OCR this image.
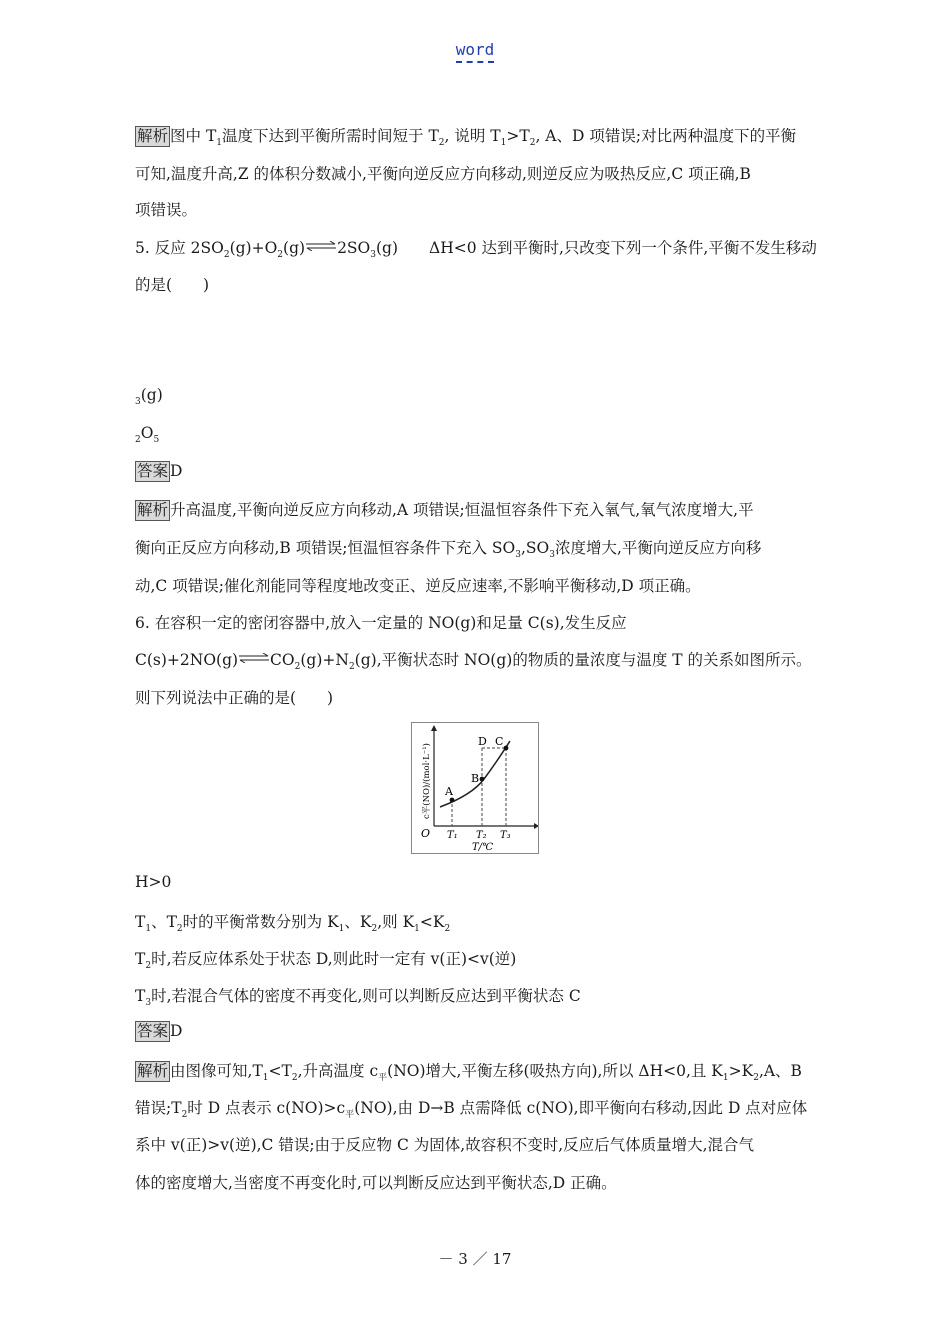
word
解析 图中 $T_1$温度下达到平衡所需时间短于 $T_2$, 说明 $T_1>T_2$, A、D 项错误;对比两种温度下的平衡
可知,温度升高,Z 的体积分数减小,平衡向逆反应方向移动,则逆反应为吸热反应,C 项正确,B
项错误。
5. 反应 $2SO_2(g)+O_2(g)\rightleftharpoons 2SO_3(g)$　　ΔH<0 达到平衡时,只改变下列一个条件,平衡不发生移动
的是(　　)
$_3$(g)
$_2O_5$
答案 D
解析 升高温度,平衡向逆反应方向移动,A 项错误;恒温恒容条件下充入氧气,氧气浓度增大,平
衡向正反应方向移动,B 项错误;恒温恒容条件下充入 $SO_3,SO_3$浓度增大,平衡向逆反应方向移
动,C 项错误;催化剂能同等程度地改变正、逆反应速率,不影响平衡移动,D 项正确。
6. 在容积一定的密闭容器中,放入一定量的 NO(g)和足量 C(s),发生反应
$C(s)+2NO(g)\rightleftharpoons CO_2(g)+N_2(g)$,平衡状态时 NO(g)的物质的量浓度与温度 T 的关系如图所示。
则下列说法中正确的是(　　)
A
B
D C
O T₁ T₂ T₃
T/℃
c平(NO)/(mol·L⁻¹)
H>0
$T_1$、$T_2$时的平衡常数分别为 $K_1$、$K_2$,则 $K_1<K_2$
$T_2$时,若反应体系处于状态 D,则此时一定有 v(正)<v(逆)
$T_3$时,若混合气体的密度不再变化,则可以判断反应达到平衡状态 C
答案 D
解析 由图像可知$,T_1<T_2$,升高温度 $c_平(NO)$增大,平衡左移(吸热方向),所以 ΔH<0,且 $K_1>K_2,A$、B
错误$;T_2$时 D 点表示 $c(NO)>c_平(NO)$,由 D→B 点需降低 c(NO),即平衡向右移动,因此 D 点对应体
系中 v(正)>v(逆),C 错误;由于反应物 C 为固体,故容积不变时,反应后气体质量增大,混合气
体的密度增大,当密度不再变化时,可以判断反应达到平衡状态,D 正确。
－ 3 ／ 17
